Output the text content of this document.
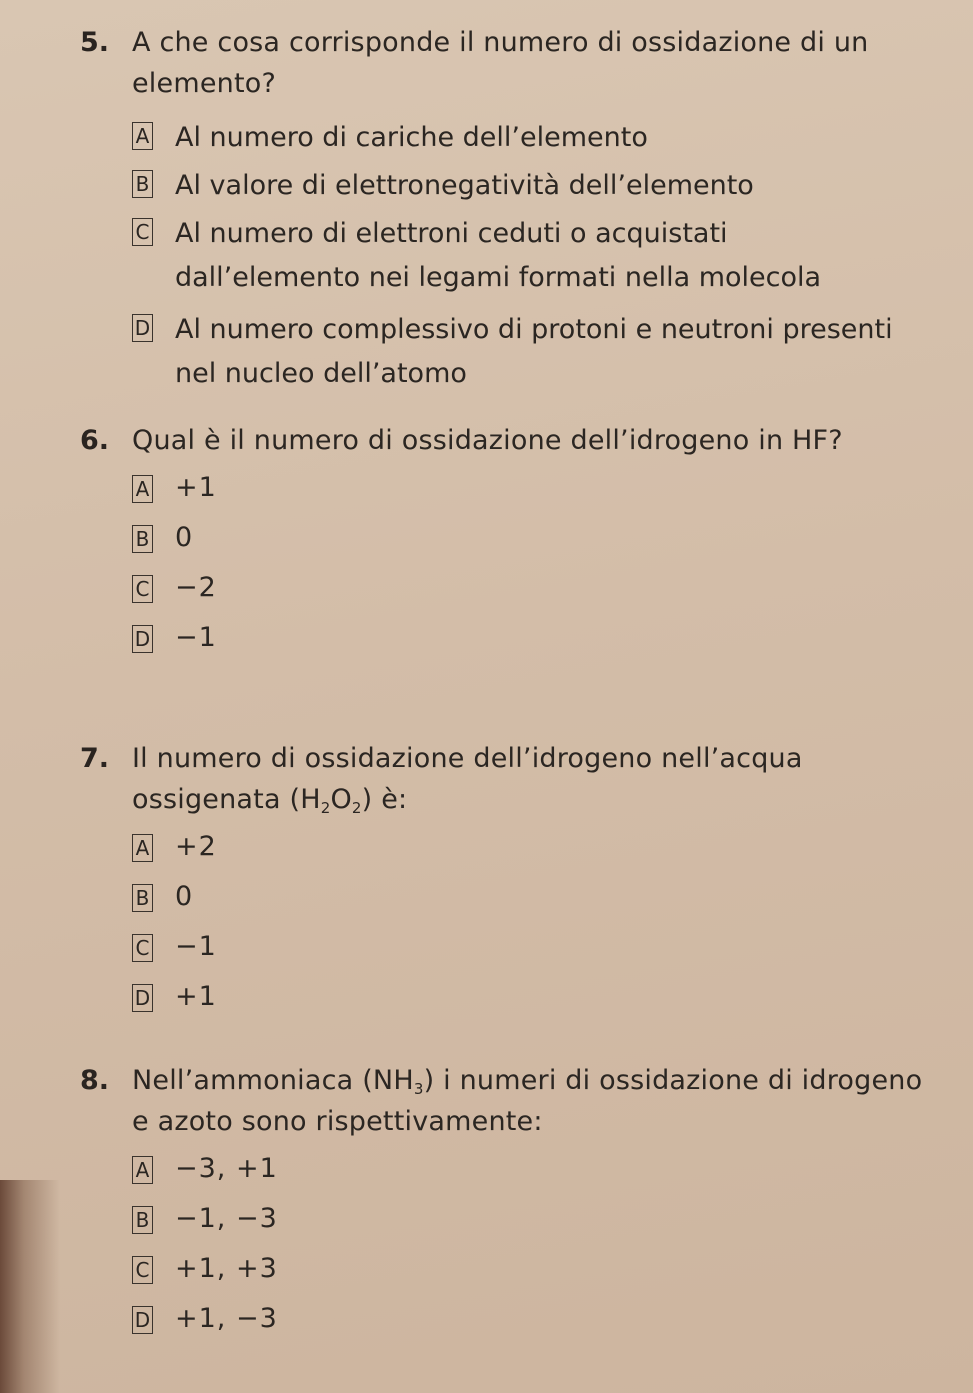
5. A che cosa corrisponde il numero di ossidazione di un elemento?
A Al numero di cariche dell’elemento
B Al valore di elettronegatività dell’elemento
C Al numero di elettroni ceduti o acquistati dall’elemento nei legami formati nella molecola
D Al numero complessivo di protoni e neutroni presenti nel nucleo dell’atomo
6. Qual è il numero di ossidazione dell’idrogeno in HF?
A +1
B 0
C −2
D −1
7. Il numero di ossidazione dell’idrogeno nell’acqua ossigenata $(H_2O_2)$ è:
A +2
B 0
C −1
D +1
8. Nell’ammoniaca $(NH_3)$ i numeri di ossidazione di idrogeno e azoto sono rispettivamente:
A −3, +1
B −1, −3
C +1, +3
D +1, −3
